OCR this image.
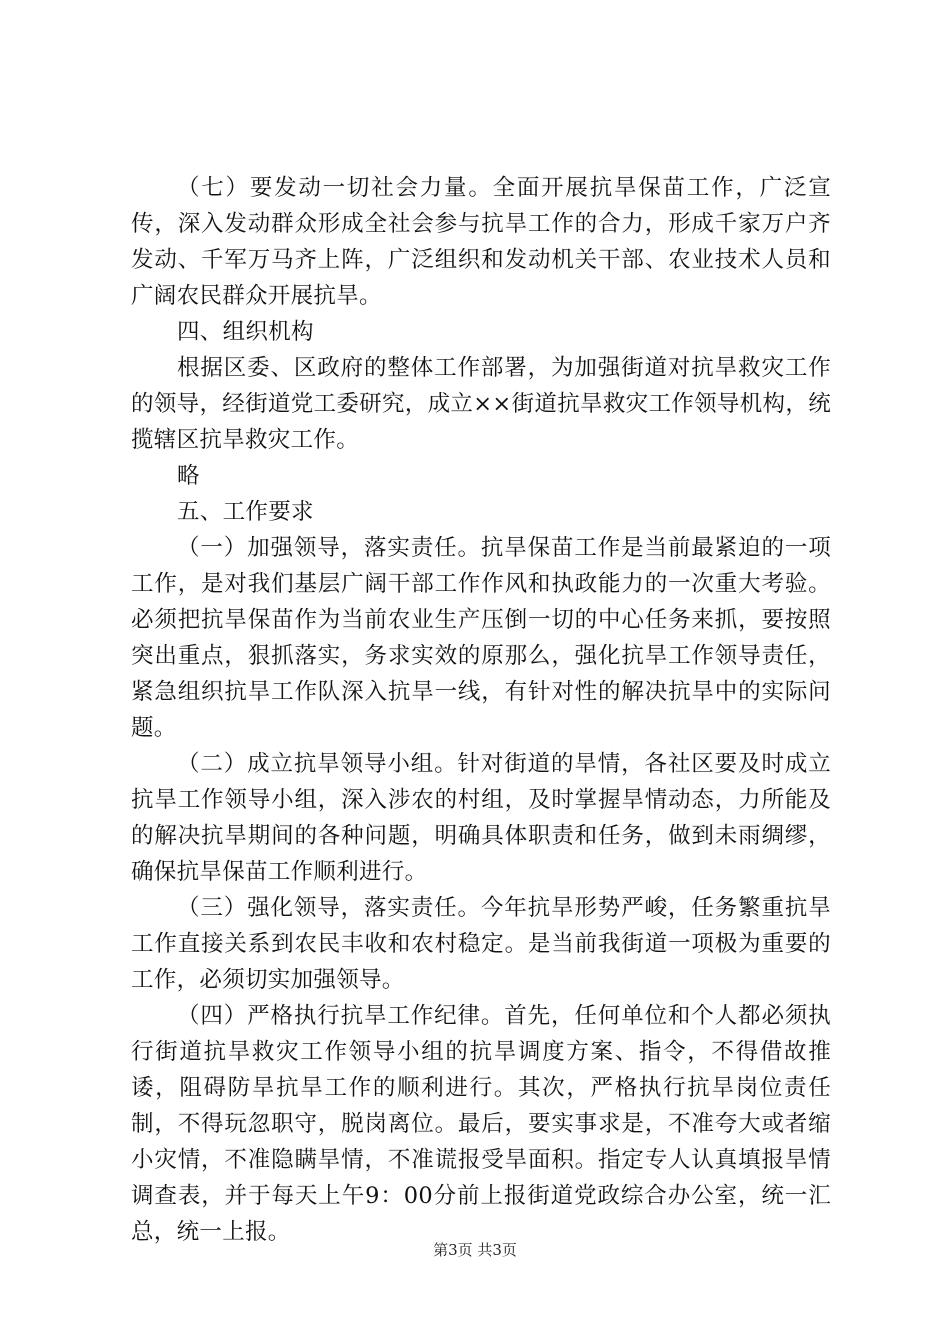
（七）要发动一切社会力量。全面开展抗旱保苗工作，广泛宣传，深入发动群众形成全社会参与抗旱工作的合力，形成千家万户齐发动、千军万马齐上阵，广泛组织和发动机关干部、农业技术人员和广阔农民群众开展抗旱。

四、组织机构

根据区委、区政府的整体工作部署，为加强街道对抗旱救灾工作的领导，经街道党工委研究，成立××街道抗旱救灾工作领导机构，统揽辖区抗旱救灾工作。

略

五、工作要求

（一）加强领导，落实责任。抗旱保苗工作是当前最紧迫的一项工作，是对我们基层广阔干部工作作风和执政能力的一次重大考验。必须把抗旱保苗作为当前农业生产压倒一切的中心任务来抓，要按照突出重点，狠抓落实，务求实效的原那么，强化抗旱工作领导责任，紧急组织抗旱工作队深入抗旱一线，有针对性的解决抗旱中的实际问题。

（二）成立抗旱领导小组。针对街道的旱情，各社区要及时成立抗旱工作领导小组，深入涉农的村组，及时掌握旱情动态，力所能及的解决抗旱期间的各种问题，明确具体职责和任务，做到未雨绸缪，确保抗旱保苗工作顺利进行。

（三）强化领导，落实责任。今年抗旱形势严峻，任务繁重抗旱工作直接关系到农民丰收和农村稳定。是当前我街道一项极为重要的工作，必须切实加强领导。

（四）严格执行抗旱工作纪律。首先，任何单位和个人都必须执行街道抗旱救灾工作领导小组的抗旱调度方案、指令，不得借故推诿，阻碍防旱抗旱工作的顺利进行。其次，严格执行抗旱岗位责任制，不得玩忽职守，脱岗离位。最后，要实事求是，不准夸大或者缩小灾情，不准隐瞒旱情，不准谎报受旱面积。指定专人认真填报旱情调查表，并于每天上午9：00分前上报街道党政综合办公室，统一汇总，统一上报。

第3页 共3页
